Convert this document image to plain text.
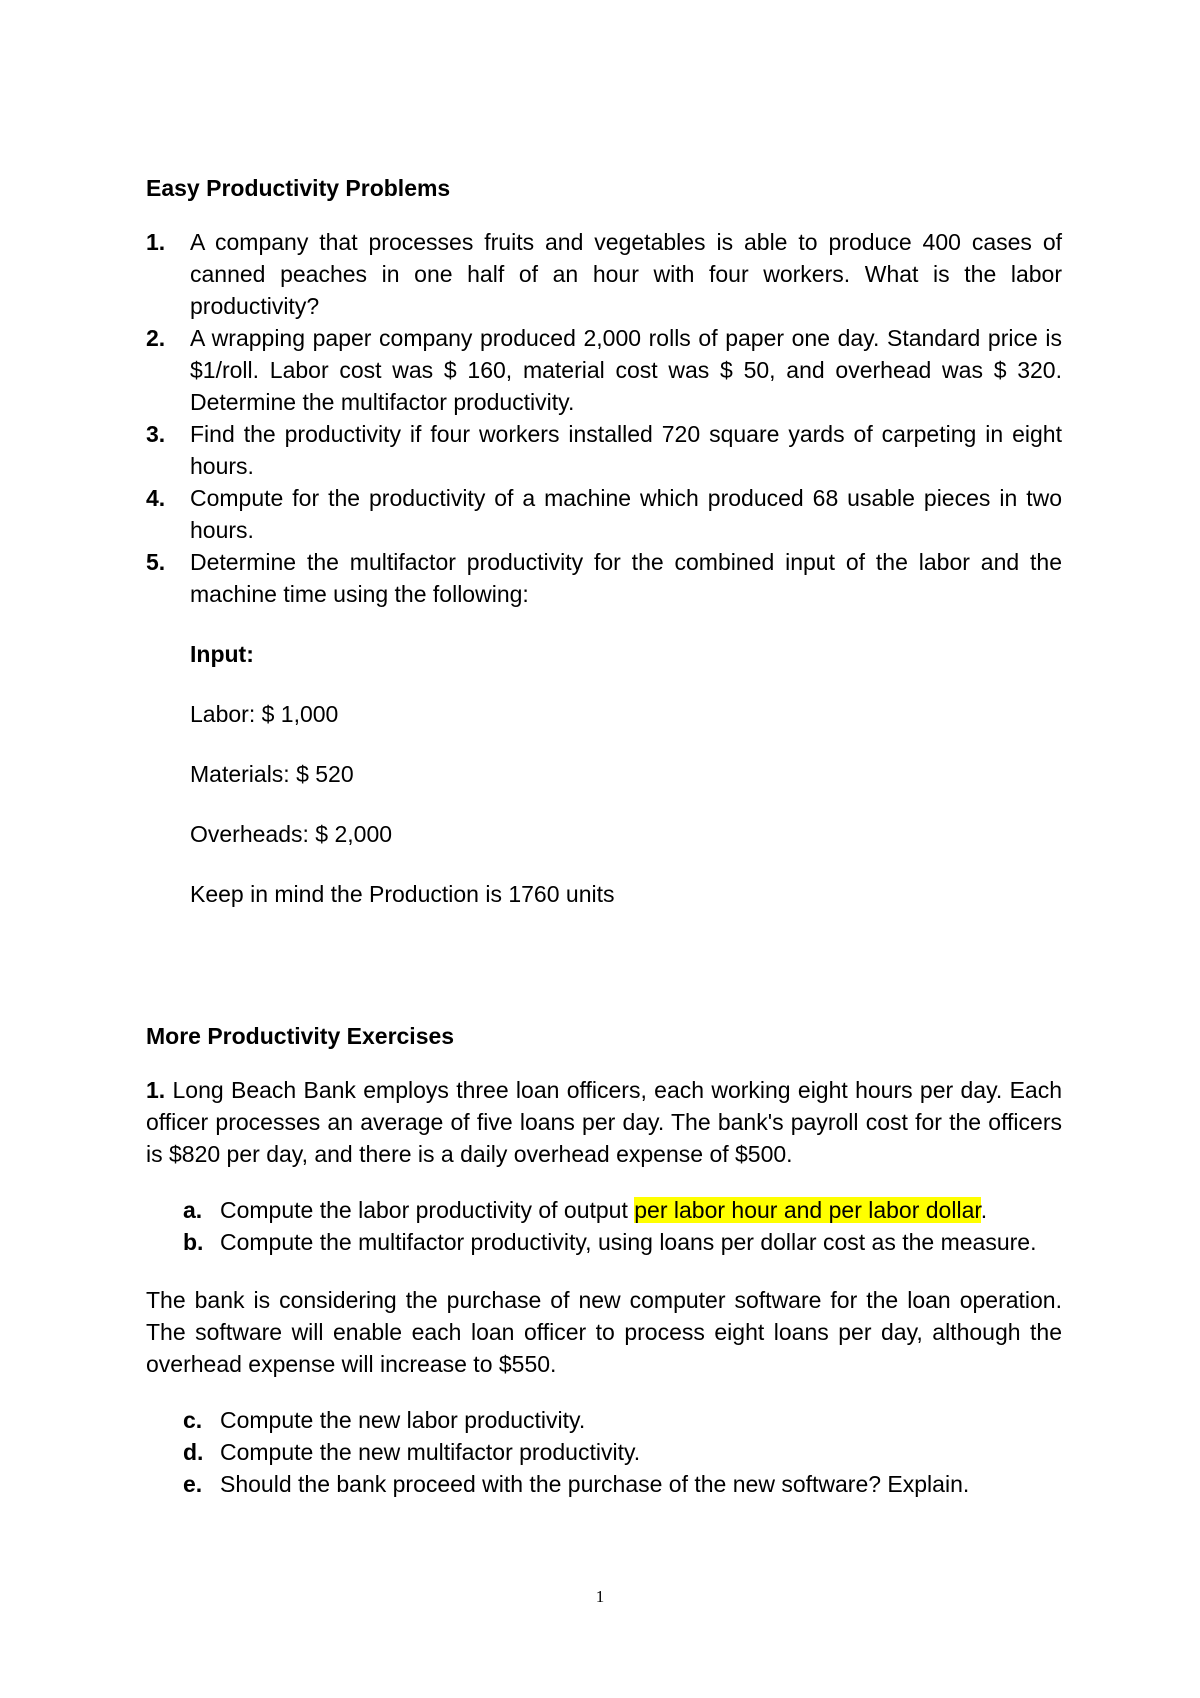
Easy Productivity Problems

1. A company that processes fruits and vegetables is able to produce 400 cases of canned peaches in one half of an hour with four workers. What is the labor productivity?
2. A wrapping paper company produced 2,000 rolls of paper one day. Standard price is $1/roll. Labor cost was $ 160, material cost was $ 50, and overhead was $ 320. Determine the multifactor productivity.
3. Find the productivity if four workers installed 720 square yards of carpeting in eight hours.
4. Compute for the productivity of a machine which produced 68 usable pieces in two hours.
5. Determine the multifactor productivity for the combined input of the labor and the machine time using the following:

Input:

Labor: $ 1,000

Materials: $ 520

Overheads: $ 2,000

Keep in mind the Production is 1760 units

More Productivity Exercises

1. Long Beach Bank employs three loan officers, each working eight hours per day. Each officer processes an average of five loans per day. The bank's payroll cost for the officers is $820 per day, and there is a daily overhead expense of $500.

a. Compute the labor productivity of output per labor hour and per labor dollar.
b. Compute the multifactor productivity, using loans per dollar cost as the measure.

The bank is considering the purchase of new computer software for the loan operation. The software will enable each loan officer to process eight loans per day, although the overhead expense will increase to $550.

c. Compute the new labor productivity.
d. Compute the new multifactor productivity.
e. Should the bank proceed with the purchase of the new software? Explain.
1
